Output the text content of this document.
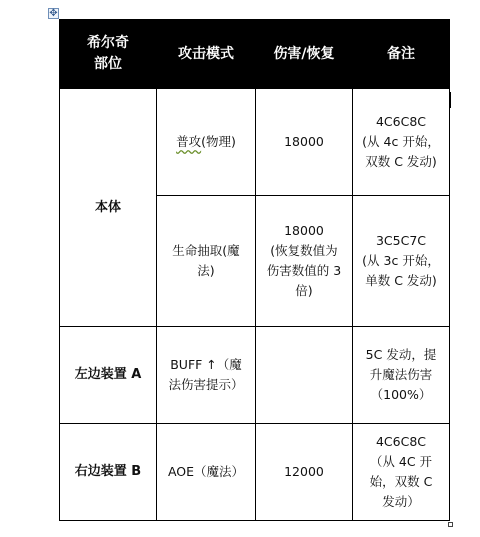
✥
希尔奇
部位	攻击模式	伤害/恢复	备注
本体	普攻(物理)	18000	4C6C8C
(从 4c 开始，
双数 C 发动)
	生命抽取(魔
法)	18000
(恢复数值为
伤害数值的 3
倍)	3C5C7C
(从 3c 开始，
单数 C 发动)
左边装置 A	BUFF ↑（魔
法伤害提示）		5C 发动，提
升魔法伤害
（100%）
右边装置 B	AOE（魔法）	12000	4C6C8C
（从 4C 开
始，双数 C
发动）
